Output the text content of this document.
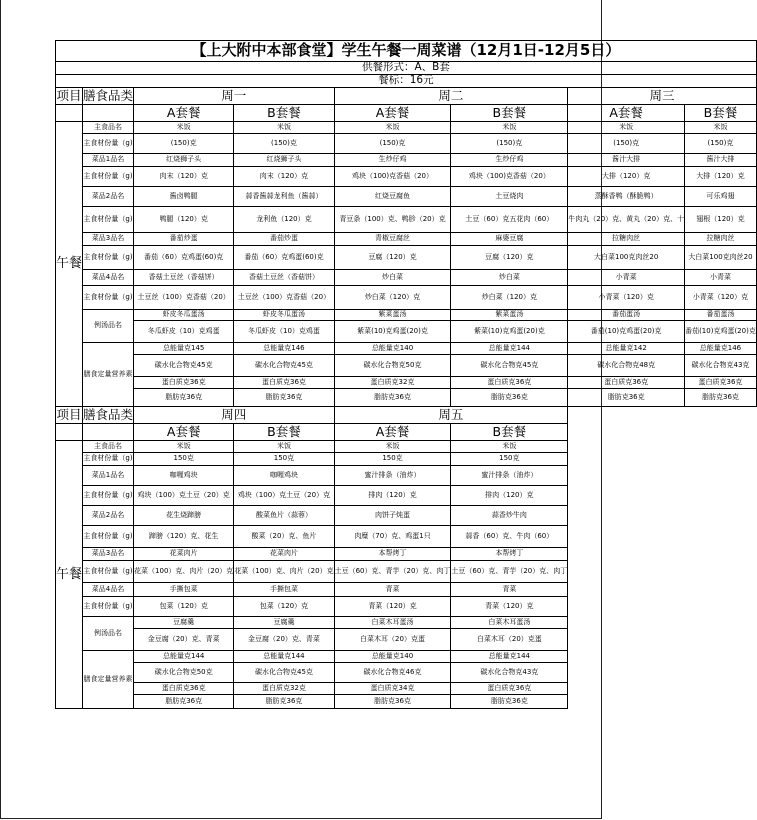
【上大附中本部食堂】学生午餐一周菜谱（12月1日-12月5日）							
供餐形式：A、B套							
餐标：16元							
项目	膳食品类	周一		周二		周三	
		A套餐	B套餐	A套餐	B套餐	A套餐	B套餐
午餐	主食品名	米饭	米饭	米饭	米饭	米饭	米饭
	主食材份量（g)	(150)克	(150)克	(150)克	(150)克	(150)克	(150)克
	菜品1品名	红烧狮子头	红烧狮子头	生炒仔鸡	生炒仔鸡	酱汁大排	酱汁大排
	主食材份量（g)	肉末（120）克	肉末（120）克	鸡块（100)克香菇（20）	鸡块（100)克香菇（20）	大排（120）克	大排（120）克
	菜品2品名	酱卤鸭腿	蒜香酱蒜龙利鱼（酱蒜）	红烧豆腐鱼	土豆烧肉	蒸酥香鸭（酥脆鸭）	可乐鸡翅
	主食材份量（g)	鸭腿（120）克	龙利鱼（120）克	青豆条（100）克、鸭胗（20）克	土豆（60）克五花肉（60）	牛肉丸（20）克、黄丸（20）克、十	翅根（120）克
	菜品3品名	番茄炒蛋	番茄炒蛋	青椒豆腐丝	麻婆豆腐	拉糖肉丝	拉糖肉丝
	主食材份量（g)	番茄（60）克鸡蛋(60)克	番茄（60）克鸡蛋(60)克	豆腐（120）克	豆腐（120）克	大白菜100克肉丝20	大白菜100克肉丝20
	菜品4品名	香菇土豆丝（香菇饼）	香菇土豆丝（香菇饼）	炒白菜	炒白菜	小青菜	小青菜
	主食材份量（g)	土豆丝（100）克香菇（20）	土豆丝（100）克香菇（20）	炒白菜（120）克	炒白菜（120）克	小青菜（120）克	小青菜（120）克
	例汤品名	虾皮冬瓜蛋汤	虾皮冬瓜蛋汤	紫菜蛋汤	紫菜蛋汤	番茄蛋汤	番茄蛋汤
		冬瓜虾皮（10）克鸡蛋	冬瓜虾皮（10）克鸡蛋	紫菜(10)克鸡蛋(20)克	紫菜(10)克鸡蛋(20)克	番茄(10)克鸡蛋(20)克	番茄(10)克鸡蛋(20)克
	膳食定量营养素	总能量克145	总能量克146	总能量克140	总能量克144	总能量克142	总能量克146
		碳水化合物克45克	碳水化合物克45克	碳水化合物克50克	碳水化合物克45克	碳水化合物克48克	碳水化合物克43克
		蛋白质克36克	蛋白质克36克	蛋白质克32克	蛋白质克36克	蛋白质克36克	蛋白质克36克
		脂肪克36克	脂肪克36克	脂肪克36克	脂肪克36克	脂肪克36克	脂肪克36克
项目	膳食品类	周四		周五			
		A套餐	B套餐	A套餐	B套餐		
午餐	主食品名	米饭	米饭	米饭	米饭		
	主食材份量（g)	150克	150克	150克	150克		
	菜品1品名	咖喱鸡块	咖喱鸡块	蜜汁排条（油炸）	蜜汁排条（油炸）		
	主食材份量（g)	鸡块（100）克土豆（20）克	鸡块（100）克土豆（20）克	排肉（120）克	排肉（120）克		
	菜品2品名	花生烧蹄膀	酸菜鱼片（蒜蓉）	肉饼子炖蛋	蒜香炒牛肉		
	主食材份量（g)	蹄膀（120）克、花生	酸菜（20）克、鱼片	肉糜（70）克、鸡蛋1只	蒜香（60）克、牛肉（60）		
	菜品3品名	花菜肉片	花菜肉片	本帮烤丁	本帮烤丁		
	主食材份量（g)	花菜（100）克、肉片（20）克	花菜（100）克、肉片（20）克	土豆（60）克、青芋（20）克、肉丁	土豆（60）克、青芋（20）克、肉丁		
	菜品4品名	手撕包菜	手撕包菜	青菜	青菜		
	主食材份量（g)	包菜（120）克	包菜（120）克	青菜（120）克	青菜（120）克		
	例汤品名	豆腐羹	豆腐羹	白菜木耳蛋汤	白菜木耳蛋汤		
		金豆腐（20）克、青菜	金豆腐（20）克、青菜	白菜木耳（20）克蛋	白菜木耳（20）克蛋		
	膳食定量营养素	总能量克144	总能量克144	总能量克140	总能量克144		
		碳水化合物克50克	碳水化合物克45克	碳水化合物克46克	碳水化合物克43克		
		蛋白质克36克	蛋白质克32克	蛋白质克34克	蛋白质克36克		
		脂肪克36克	脂肪克36克	脂肪克36克	脂肪克36克		
